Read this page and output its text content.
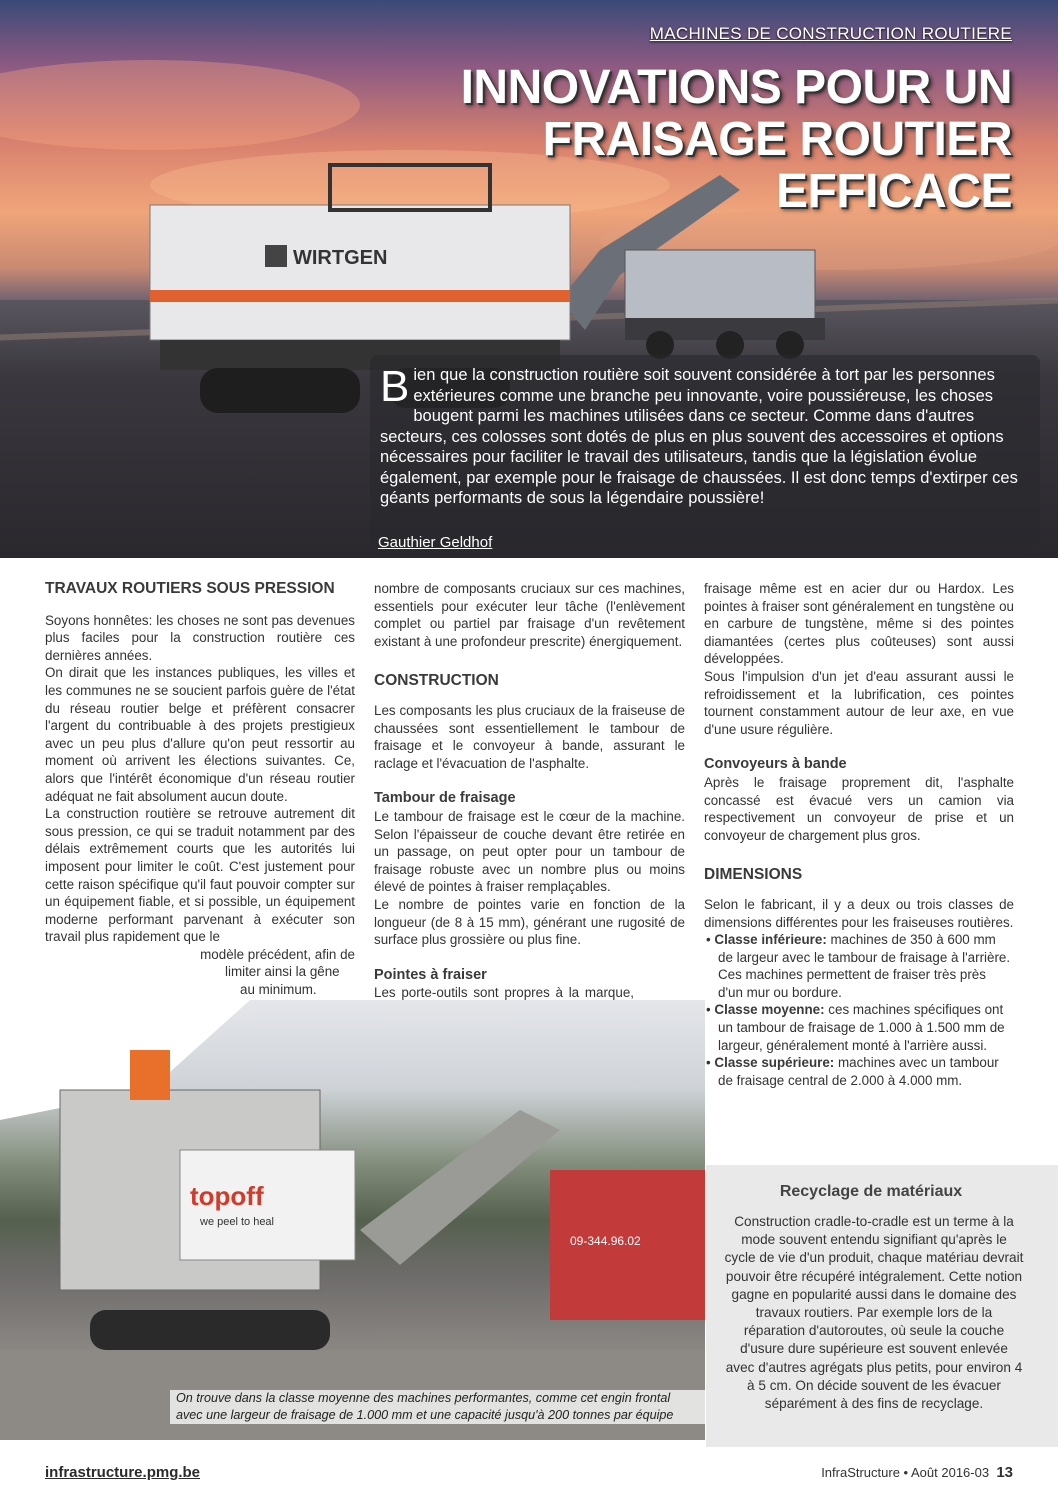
WIRTGEN
MACHINES DE CONSTRUCTION ROUTIERE
INNOVATIONS POUR UN
FRAISAGE ROUTIER EFFICACE
Bien que la construction routière soit souvent considérée à tort par les personnes extérieures comme une branche peu innovante, voire poussiéreuse, les choses bougent parmi les machines utilisées dans ce secteur. Comme dans d'autres secteurs, ces colosses sont dotés de plus en plus souvent des accessoires et options nécessaires pour faciliter le travail des utilisateurs, tandis que la législation évolue également, par exemple pour le fraisage de chaussées. Il est donc temps d'extirper ces géants performants de sous la légendaire poussière!
Gauthier Geldhof

TRAVAUX ROUTIERS SOUS PRESSION

Soyons honnêtes: les choses ne sont pas devenues plus faciles pour la construction routière ces dernières années.

On dirait que les instances publiques, les villes et les communes ne se soucient parfois guère de l'état du réseau routier belge et préfèrent consacrer l'argent du contribuable à des projets prestigieux avec un peu plus d'allure qu'on peut ressortir au moment où arrivent les élections suivantes. Ce, alors que l'intérêt économique d'un réseau routier adéquat ne fait absolument aucun doute.

La construction routière se retrouve autrement dit sous pression, ce qui se traduit notamment par des délais extrêmement courts que les autorités lui imposent pour limiter le coût. C'est justement pour cette raison spécifique qu'il faut pouvoir compter sur un équipement fiable, et si possible, un équipement moderne performant parvenant à exécuter son travail plus rapidement que le

modèle précédent, afin de

limiter ainsi la gêne

au minimum.

nombre de composants cruciaux sur ces machines, essentiels pour exécuter leur tâche (l'enlèvement complet ou partiel par fraisage d'un revêtement existant à une profondeur prescrite) énergiquement.

CONSTRUCTION

Les composants les plus cruciaux de la fraiseuse de chaussées sont essentiellement le tambour de fraisage et le convoyeur à bande, assurant le raclage et l'évacuation de l'asphalte.

Tambour de fraisage

Le tambour de fraisage est le cœur de la machine. Selon l'épaisseur de couche devant être retirée en un passage, on peut opter pour un tambour de fraisage robuste avec un nombre plus ou moins élevé de pointes à fraiser remplaçables.

Le nombre de pointes varie en fonction de la longueur (de 8 à 15 mm), générant une rugosité de surface plus grossière ou plus fine.

Pointes à fraiser

Les porte-outils sont propres à la marque,

fraisage même est en acier dur ou Hardox. Les pointes à fraiser sont généralement en tungstène ou en carbure de tungstène, même si des pointes diamantées (certes plus coûteuses) sont aussi développées.

Sous l'impulsion d'un jet d'eau assurant aussi le refroidissement et la lubrification, ces pointes tournent constamment autour de leur axe, en vue d'une usure régulière.

Convoyeurs à bande

Après le fraisage proprement dit, l'asphalte concassé est évacué vers un camion via respectivement un convoyeur de prise et un convoyeur de chargement plus gros.

DIMENSIONS

Selon le fabricant, il y a deux ou trois classes de dimensions différentes pour les fraiseuses routières.

• Classe inférieure: machines de 350 à 600 mm de largeur avec le tambour de fraisage à l'arrière. Ces machines permettent de fraiser très près d'un mur ou bordure.

• Classe moyenne: ces machines spécifiques ont un tambour de fraisage de 1.000 à 1.500 mm de largeur, généralement monté à l'arrière aussi.

• Classe supérieure: machines avec un tambour de fraisage central de 2.000 à 4.000 mm.

09-344.96.02
topoff
we peel to heal
On trouve dans la classe moyenne des machines performantes, comme cet engin frontal
avec une largeur de fraisage de 1.000 mm et une capacité jusqu'à 200 tonnes par équipe
Recyclage de matériaux
Construction cradle-to-cradle est un terme à la mode souvent entendu signifiant qu'après le cycle de vie d'un produit, chaque matériau devrait pouvoir être récupéré intégralement. Cette notion gagne en popularité aussi dans le domaine des travaux routiers. Par exemple lors de la réparation d'autoroutes, où seule la couche d'usure dure supérieure est souvent enlevée avec d'autres agrégats plus petits, pour environ 4 à 5 cm. On décide souvent de les évacuer séparément à des fins de recyclage.
infrastructure.pmg.be	InfraStructure • Août 2016-03 13
